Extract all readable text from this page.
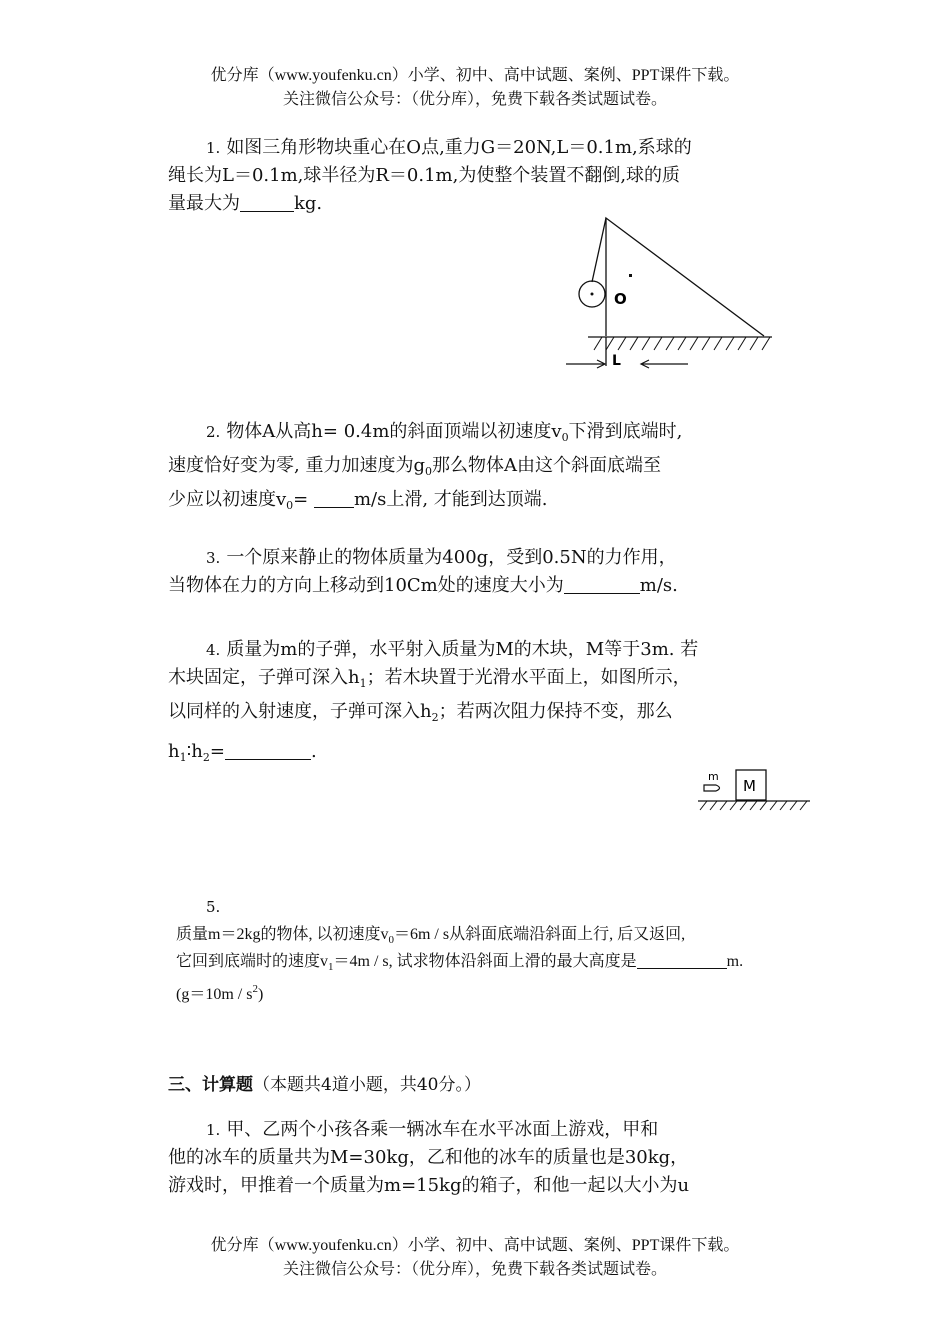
优分库（www.youfenku.cn）小学、初中、高中试题、案例、PPT课件下载。
关注微信公众号：（优分库），免费下载各类试题试卷。
1. 如图三角形物块重心在O点,重力G＝20N,L＝0.1m,系球的
绳长为L＝0.1m,球半径为R＝0.1m,为使整个装置不翻倒,球的质
量最大为	kg.
O
L
2. 物体A从高h= 0.4m的斜面顶端以初速度$v_0$下滑到底端时,
速度恰好变为零, 重力加速度为$g_0$那么物体A由这个斜面底端至
少应以初速度$v_0= m/s$上滑, 才能到达顶端.
3. 一个原来静止的物体质量为400g，受到0.5N的力作用，
当物体在力的方向上移动到10Cm处的速度大小为	m/s.
4. 质量为m的子弹，水平射入质量为M的木块，M等于3m. 若
木块固定，子弹可深入$h_1$；若木块置于光滑水平面上，如图所示，
以同样的入射速度，子弹可深入$h_2$；若两次阻力保持不变，那么
$h_1∶h_2=$	.
m
M
5.
质量m＝2kg的物体, 以初速度$v_0=6m / s$从斜面底端沿斜面上行, 后又返回,
它回到底端时的速度$v_1=4m / s$, 试求物体沿斜面上滑的最大高度是	m.
$(g=10m / s^2)$
三、计算题（本题共4道小题，共40分。）
1. 甲、乙两个小孩各乘一辆冰车在水平冰面上游戏，甲和
他的冰车的质量共为M=30kg，乙和他的冰车的质量也是30kg，
游戏时，甲推着一个质量为m=15kg的箱子，和他一起以大小为u
优分库（www.youfenku.cn）小学、初中、高中试题、案例、PPT课件下载。
关注微信公众号：（优分库），免费下载各类试题试卷。
